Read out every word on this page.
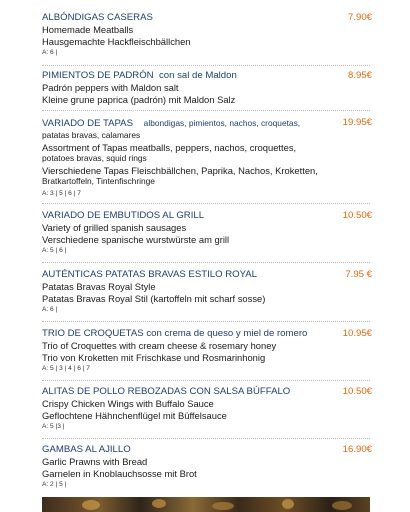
ALBÓNDIGAS CASERAS	7.90€
Homemade Meatballs
Hausgemachte Hackfleischbällchen
A: 6 |
PIMIENTOS DE PADRÓN con sal de Maldon	8.95€
Padrón peppers with Maldon salt
Kleine grune paprica (padrón) mit Maldon Salz
VARIADO DE TAPAS albondigas, pimientos, nachos, croquetas,	19.95€
patatas bravas, calamares
Assortment of Tapas meatballs, peppers, nachos, croquettes,
potatoes bravas, squid rings
Vierschiedene Tapas Fleischbällchen, Paprika, Nachos, Kroketten,
Bratkartoffeln, Tintenfischringe
A: 3 | 5 | 6 | 7
VARIADO DE EMBUTIDOS AL GRILL	10.50€
Variety of grilled spanish sausages
Verschiedene spanische wurstwürste am grill
A: 5 | 6 |
AUTÉNTICAS PATATAS BRAVAS ESTILO ROYAL	7.95 €
Patatas Bravas Royal Style
Patatas Bravas Royal Stil (kartoffeln mit scharf sosse)
A: 6 |
TRIO DE CROQUETAS con crema de queso y miel de romero	10.95€
Trio of Croquettes with cream cheese & rosemary honey
Trio von Kroketten mit Frischkase und Rosmarinhonig
A: 5 | 3 | 4 | 6 | 7
ALITAS DE POLLO REBOZADAS CON SALSA BÚFFALO	10.50€
Crispy Chicken Wings with Buffalo Sauce
Geflochtene Hähnchenflügel mit Büffelsauce
A: 5 |3 |
GAMBAS AL AJILLO	16.90€
Garlic Prawns with Bread
Garnelen in Knoblauchsosse mit Brot
A: 2 | 5 |
